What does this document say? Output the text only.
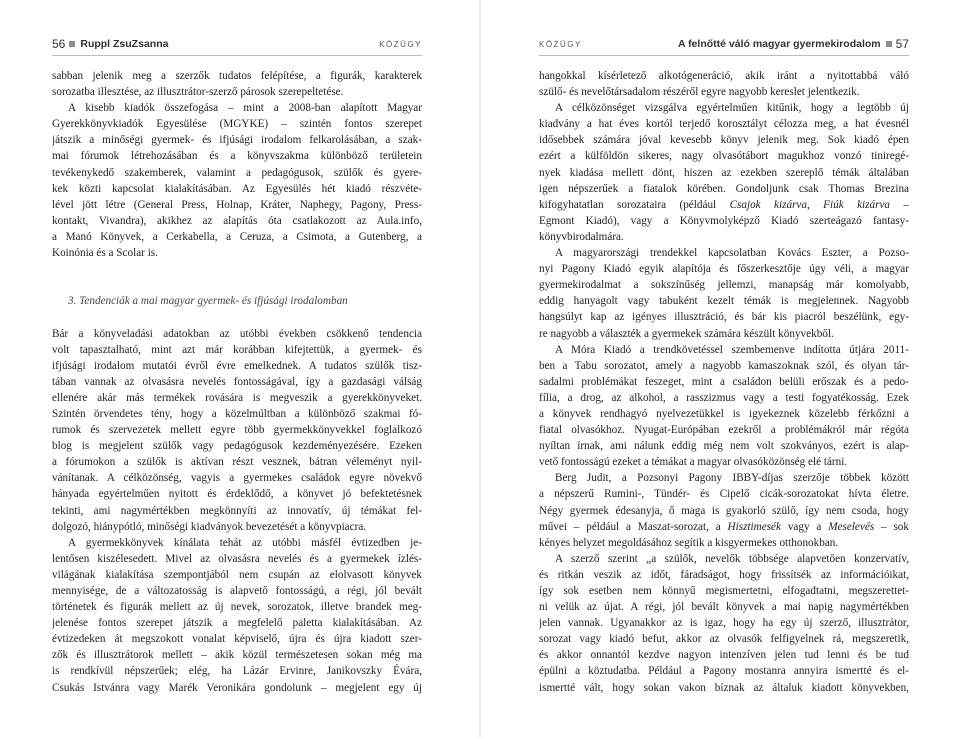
56 Ruppl ZsuZsanna	KÖZÜGY
sabban jelenik meg a szerzők tudatos felépítése, a figurák, karakterek
sorozatba illesztése, az illusztrátor-szerző párosok szerepeltetése.
A kisebb kiadók összefogása – mint a 2008-ban alapított Magyar
Gyerekkönyvkiadók Egyesülése (MGYKE) – szintén fontos szerepet
játszik a minőségi gyermek- és ifjúsági irodalom felkarolásában, a szak-
mai fórumok létrehozásában és a könyvszakma különböző területein
tevékenykedő szakemberek, valamint a pedagógusok, szülők és gyere-
kek közti kapcsolat kialakításában. Az Egyesülés hét kiadó részvéte-
lével jött létre (General Press, Holnap, Kráter, Naphegy, Pagony, Press-
kontakt, Vivandra), akikhez az alapítás óta csatlakozott az Aula.info,
a Manó Könyvek, a Cerkabella, a Ceruza, a Csimota, a Gutenberg, a
Koinónia és a Scolar is.
3. Tendenciák a mai magyar gyermek- és ifjúsági irodalomban
Bár a könyveladási adatokban az utóbbi években csökkenő tendencia
volt tapasztalható, mint azt már korábban kifejtettük, a gyermek- és
ifjúsági irodalom mutatói évről évre emelkednek. A tudatos szülők tisz-
tában vannak az olvasásra nevelés fontosságával, így a gazdasági válság
ellenére akár más termékek rovására is megveszik a gyerekkönyveket.
Szintén örvendetes tény, hogy a közelmúltban a különböző szakmai fó-
rumok és szervezetek mellett egyre több gyermekkönyvekkel foglalkozó
blog is megjelent szülők vagy pedagógusok kezdeményezésére. Ezeken
a fórumokon a szülők is aktívan részt vesznek, bátran véleményt nyil-
vánítanak. A célközönség, vagyis a gyermekes családok egyre növekvő
hányada egyértelműen nyitott és érdeklődő, a könyvet jó befektetésnek
tekinti, ami nagymértékben megkönnyíti az innovatív, új témákat fel-
dolgozó, hiánypótló, minőségi kiadványok bevezetését a könyvpiacra.
A gyermekkönyvek kínálata tehát az utóbbi másfél évtizedben je-
lentősen kiszélesedett. Mivel az olvasásra nevelés és a gyermekek ízlés-
világának kialakítása szempontjából nem csupán az elolvasott könyvek
mennyisége, de a változatosság is alapvető fontosságú, a régi, jól bevált
történetek és figurák mellett az új nevek, sorozatok, illetve brandek meg-
jelenése fontos szerepet játszik a megfelelő paletta kialakításában. Az
évtizedeken át megszokott vonalat képviselő, újra és újra kiadott szer-
zők és illusztrátorok mellett – akik közül természetesen sokan még ma
is rendkívül népszerűek; elég, ha Lázár Ervinre, Janikovszky Évára,
Csukás Istvánra vagy Marék Veronikára gondolunk – megjelent egy új
KÖZÜGY	A felnőtté váló magyar gyermekirodalom 57
hangokkal kísérletező alkotógeneráció, akik iránt a nyitottabbá váló
szülő- és nevelőtársadalom részéről egyre nagyobb kereslet jelentkezik.
A célközönséget vizsgálva egyértelműen kitűnik, hogy a legtöbb új
kiadvány a hat éves kortól terjedő korosztályt célozza meg, a hat évesnél
idősebbek számára jóval kevesebb könyv jelenik meg. Sok kiadó épen
ezért a külföldön sikeres, nagy olvasótábort magukhoz vonzó tiniregé-
nyek kiadása mellett dönt, hiszen az ezekben szereplő témák általában
igen népszerűek a fiatalok körében. Gondoljunk csak Thomas Brezina
kifogyhatatlan sorozataira (például Csajok kizárva, Fiúk kizárva –
Egmont Kiadó), vagy a Könyvmolyképző Kiadó szerteágazó fantasy-
könyvbirodalmára.
A magyarországi trendekkel kapcsolatban Kovács Eszter, a Pozso-
nyi Pagony Kiadó egyik alapítója és főszerkesztője úgy véli, a magyar
gyermekirodalmat a sokszínűség jellemzi, manapság már komolyabb,
eddig hanyagolt vagy tabuként kezelt témák is megjelennek. Nagyobb
hangsúlyt kap az igényes illusztráció, és bár kis piacról beszélünk, egy-
re nagyobb a választék a gyermekek számára készült könyvekből.
A Móra Kiadó a trendkövetéssel szembemenve indította útjára 2011-
ben a Tabu sorozatot, amely a nagyobb kamaszoknak szól, és olyan tár-
sadalmi problémákat feszeget, mint a családon belüli erőszak és a pedo-
fília, a drog, az alkohol, a rasszizmus vagy a testi fogyatékosság. Ezek
a könyvek rendhagyó nyelvezetükkel is igyekeznek közelebb férkőzni a
fiatal olvasókhoz. Nyugat-Európában ezekről a problémákról már régóta
nyíltan írnak, ami nálunk eddig még nem volt szokványos, ezért is alap-
vető fontosságú ezeket a témákat a magyar olvasóközönség elé tárni.
Berg Judit, a Pozsonyi Pagony IBBY-díjas szerzője többek között
a népszerű Rumini-, Tündér- és Cipelő cicák-sorozatokat hívta életre.
Négy gyermek édesanyja, ő maga is gyakorló szülő, így nem csoda, hogy
művei – például a Maszat-sorozat, a Hisztimesék vagy a Meselevés – sok
kényes helyzet megoldásához segítik a kisgyermekes otthonokban.
A szerző szerint „a szülők, nevelők többsége alapvetően konzervatív,
és ritkán veszik az időt, fáradságot, hogy frissítsék az információikat,
így sok esetben nem könnyű megismertetni, elfogadtatni, megszerettet-
ni velük az újat. A régi, jól bevált könyvek a mai napig nagymértékben
jelen vannak. Ugyanakkor az is igaz, hogy ha egy új szerző, illusztrátor,
sorozat vagy kiadó befut, akkor az olvasók felfigyelnek rá, megszeretik,
és akkor onnantól kezdve nagyon intenzíven jelen tud lenni és be tud
épülni a köztudatba. Például a Pagony mostanra annyira ismertté és el-
ismertté vált, hogy sokan vakon bíznak az általuk kiadott könyvekben,
